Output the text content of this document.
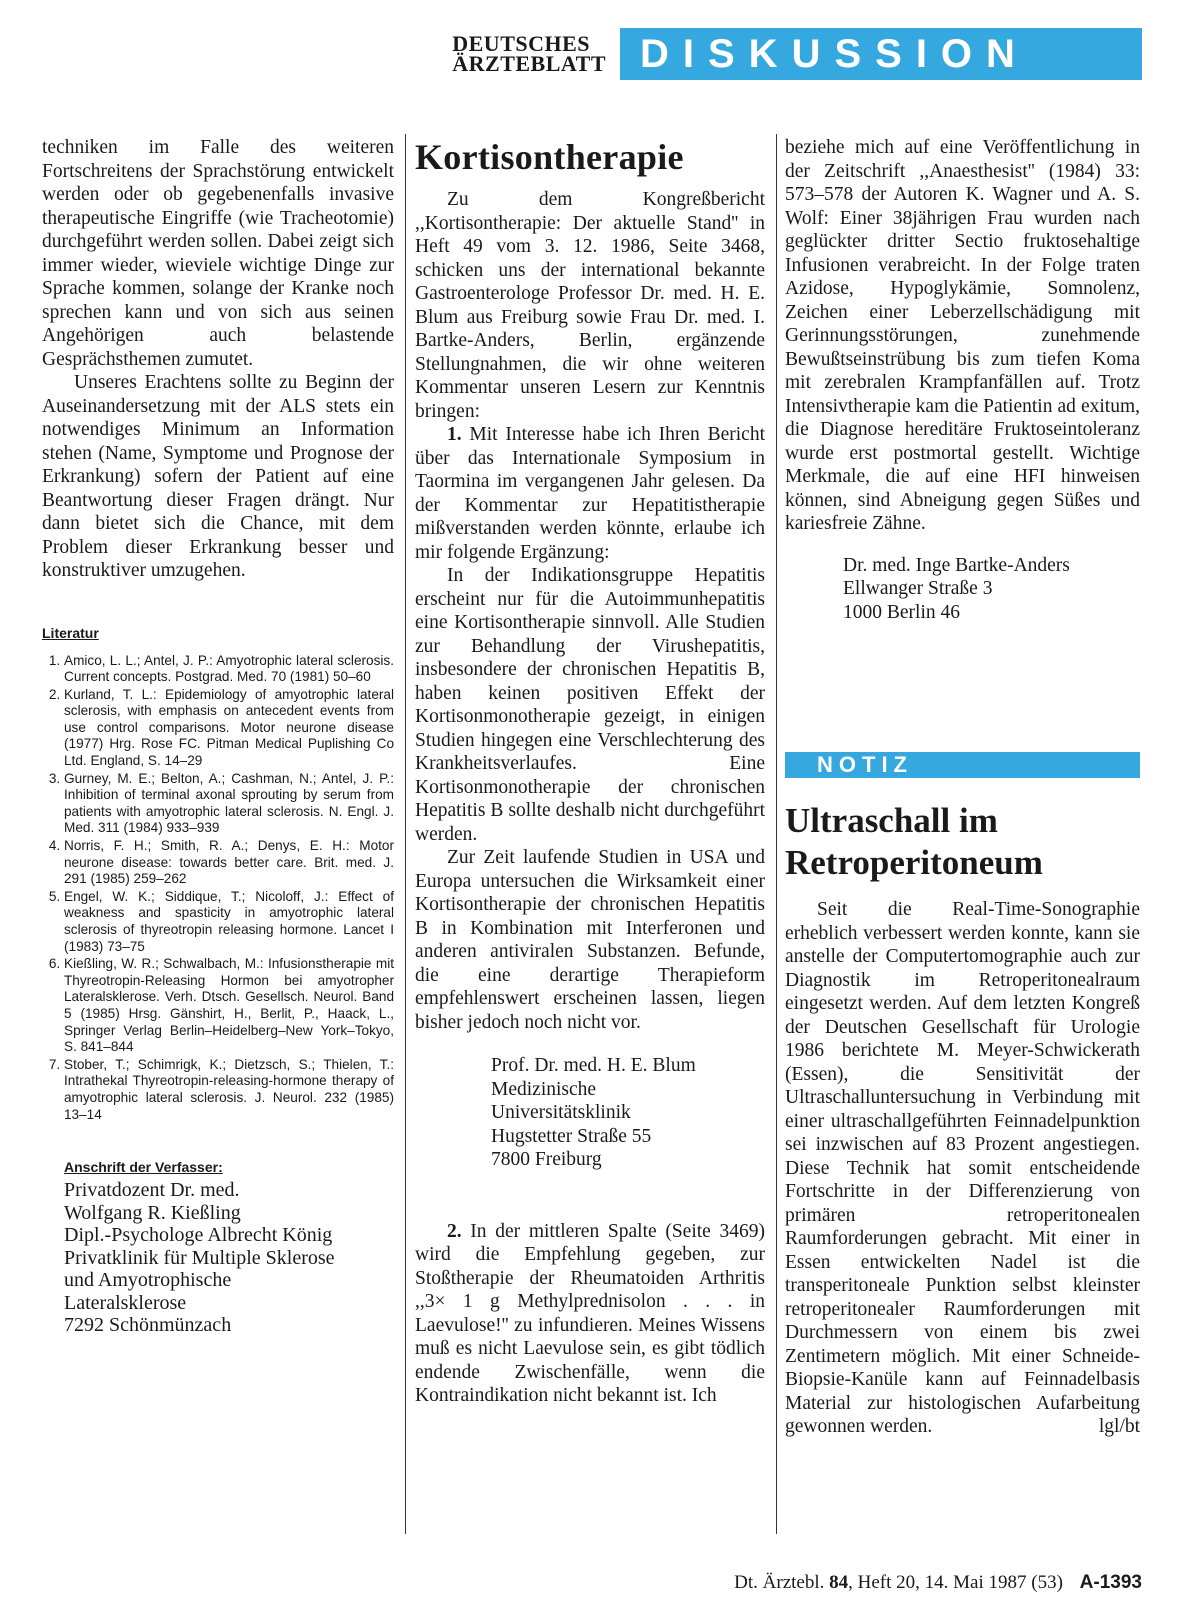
DEUTSCHES
ÄRZTEBLATT DISKUSSION

techniken im Falle des weiteren Fortschreitens der Sprachstörung entwickelt werden oder ob gegebenenfalls invasive therapeutische Eingriffe (wie Tracheotomie) durchgeführt werden sollen. Dabei zeigt sich immer wieder, wieviele wichtige Dinge zur Sprache kommen, solange der Kranke noch sprechen kann und von sich aus seinen Angehörigen auch belastende Gesprächsthemen zumutet.

Unseres Erachtens sollte zu Beginn der Auseinandersetzung mit der ALS stets ein notwendiges Minimum an Information stehen (Name, Symptome und Prognose der Erkrankung) sofern der Patient auf eine Beantwortung dieser Fragen drängt. Nur dann bietet sich die Chance, mit dem Problem dieser Erkrankung besser und konstruktiver umzugehen.

Literatur
1. Amico, L. L.; Antel, J. P.: Amyotrophic lateral sclerosis. Current concepts. Postgrad. Med. 70 (1981) 50–60
2. Kurland, T. L.: Epidemiology of amyotrophic lateral sclerosis, with emphasis on antecedent events from use control comparisons. Motor neurone disease (1977) Hrg. Rose FC. Pitman Medical Puplishing Co Ltd. England, S. 14–29
3. Gurney, M. E.; Belton, A.; Cashman, N.; Antel, J. P.: Inhibition of terminal axonal sprouting by serum from patients with amyotrophic lateral sclerosis. N. Engl. J. Med. 311 (1984) 933–939
4. Norris, F. H.; Smith, R. A.; Denys, E. H.: Motor neurone disease: towards better care. Brit. med. J. 291 (1985) 259–262
5. Engel, W. K.; Siddique, T.; Nicoloff, J.: Effect of weakness and spasticity in amyotrophic lateral sclerosis of thyreotropin releasing hormone. Lancet I (1983) 73–75
6. Kießling, W. R.; Schwalbach, M.: Infusionstherapie mit Thyreotropin-Releasing Hormon bei amyotropher Lateralsklerose. Verh. Dtsch. Gesellsch. Neurol. Band 5 (1985) Hrsg. Gänshirt, H., Berlit, P., Haack, L., Springer Verlag Berlin–Heidelberg–New York–Tokyo, S. 841–844
7. Stober, T.; Schimrigk, K.; Dietzsch, S.; Thielen, T.: Intrathekal Thyreotropin-releasing-hormone therapy of amyotrophic lateral sclerosis. J. Neurol. 232 (1985) 13–14
Anschrift der Verfasser:
Privatdozent Dr. med.
Wolfgang R. Kießling
Dipl.-Psychologe Albrecht König
Privatklinik für Multiple Sklerose
und Amyotrophische
Lateralsklerose
7292 Schönmünzach
Kortisontherapie

Zu dem Kongreßbericht ,,Kortisontherapie: Der aktuelle Stand'' in Heft 49 vom 3. 12. 1986, Seite 3468, schicken uns der international bekannte Gastroenterologe Professor Dr. med. H. E. Blum aus Freiburg sowie Frau Dr. med. I. Bartke-Anders, Berlin, ergänzende Stellungnahmen, die wir ohne weiteren Kommentar unseren Lesern zur Kenntnis bringen:

1. Mit Interesse habe ich Ihren Bericht über das Internationale Symposium in Taormina im vergangenen Jahr gelesen. Da der Kommentar zur Hepatitistherapie mißverstanden werden könnte, erlaube ich mir folgende Ergänzung:

In der Indikationsgruppe Hepatitis erscheint nur für die Autoimmunhepatitis eine Kortisontherapie sinnvoll. Alle Studien zur Behandlung der Virushepatitis, insbesondere der chronischen Hepatitis B, haben keinen positiven Effekt der Kortisonmonotherapie gezeigt, in einigen Studien hingegen eine Verschlechterung des Krankheitsverlaufes. Eine Kortisonmonotherapie der chronischen Hepatitis B sollte deshalb nicht durchgeführt werden.

Zur Zeit laufende Studien in USA und Europa untersuchen die Wirksamkeit einer Kortisontherapie der chronischen Hepatitis B in Kombination mit Interferonen und anderen antiviralen Substanzen. Befunde, die eine derartige Therapieform empfehlenswert erscheinen lassen, liegen bisher jedoch noch nicht vor.

Prof. Dr. med. H. E. Blum
Medizinische
Universitätsklinik
Hugstetter Straße 55
7800 Freiburg

2. In der mittleren Spalte (Seite 3469) wird die Empfehlung gegeben, zur Stoßtherapie der Rheumatoiden Arthritis ,,3× 1 g Methylprednisolon . . . in Laevulose!'' zu infundieren. Meines Wissens muß es nicht Laevulose sein, es gibt tödlich endende Zwischenfälle, wenn die Kontraindikation nicht bekannt ist. Ich

beziehe mich auf eine Veröffentlichung in der Zeitschrift ,,Anaesthesist'' (1984) 33: 573–578 der Autoren K. Wagner und A. S. Wolf: Einer 38jährigen Frau wurden nach geglückter dritter Sectio fruktosehaltige Infusionen verabreicht. In der Folge traten Azidose, Hypoglykämie, Somnolenz, Zeichen einer Leberzellschädigung mit Gerinnungsstörungen, zunehmende Bewußtseinstrübung bis zum tiefen Koma mit zerebralen Krampfanfällen auf. Trotz Intensivtherapie kam die Patientin ad exitum, die Diagnose hereditäre Fruktoseintoleranz wurde erst postmortal gestellt. Wichtige Merkmale, die auf eine HFI hinweisen können, sind Abneigung gegen Süßes und kariesfreie Zähne.

Dr. med. Inge Bartke-Anders
Ellwanger Straße 3
1000 Berlin 46
NOTIZ
Ultraschall im
Retroperitoneum

Seit die Real-Time-Sonographie erheblich verbessert werden konnte, kann sie anstelle der Computertomographie auch zur Diagnostik im Retroperitonealraum eingesetzt werden. Auf dem letzten Kongreß der Deutschen Gesellschaft für Urologie 1986 berichtete M. Meyer-Schwickerath (Essen), die Sensitivität der Ultraschalluntersuchung in Verbindung mit einer ultraschallgeführten Feinnadelpunktion sei inzwischen auf 83 Prozent angestiegen. Diese Technik hat somit entscheidende Fortschritte in der Differenzierung von primären retroperitonealen Raumforderungen gebracht. Mit einer in Essen entwickelten Nadel ist die transperitoneale Punktion selbst kleinster retroperitonealer Raumforderungen mit Durchmessern von einem bis zwei Zentimetern möglich. Mit einer Schneide-Biopsie-Kanüle kann auf Feinnadelbasis Material zur histologischen Aufarbeitung gewonnen werden.	lgl/bt

Dt. Ärztebl. 84, Heft 20, 14. Mai 1987 (53) A-1393
